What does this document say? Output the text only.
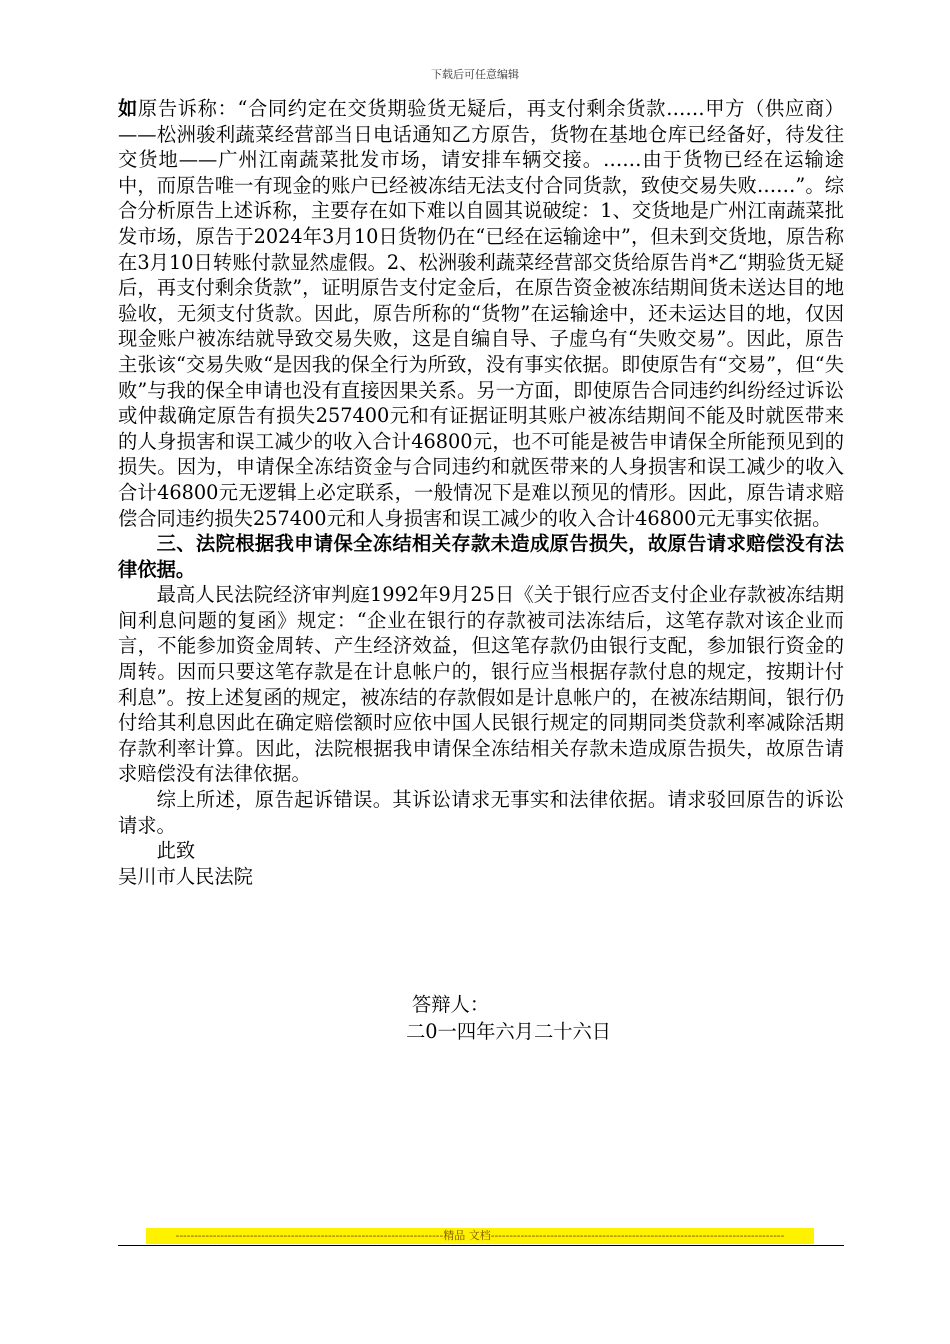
下载后可任意编辑

如原告诉称：“合同约定在交货期验货无疑后，再支付剩余货款……甲方（供应商）——松洲骏利蔬菜经营部当日电话通知乙方原告，货物在基地仓库已经备好，待发往交货地——广州江南蔬菜批发市场，请安排车辆交接。……由于货物已经在运输途中，而原告唯一有现金的账户已经被冻结无法支付合同货款，致使交易失败……”。综合分析原告上述诉称，主要存在如下难以自圆其说破绽：1、交货地是广州江南蔬菜批发市场，原告于2024年3月10日货物仍在“已经在运输途中”，但未到交货地，原告称在3月10日转账付款显然虚假。2、松洲骏利蔬菜经营部交货给原告肖*乙“期验货无疑后，再支付剩余货款”，证明原告支付定金后，在原告资金被冻结期间货未送达目的地验收，无须支付货款。因此，原告所称的“货物”在运输途中，还未运达目的地，仅因现金账户被冻结就导致交易失败，这是自编自导、子虚乌有“失败交易”。因此，原告主张该“交易失败“是因我的保全行为所致，没有事实依据。即使原告有“交易”，但“失败”与我的保全申请也没有直接因果关系。另一方面，即使原告合同违约纠纷经过诉讼或仲裁确定原告有损失257400元和有证据证明其账户被冻结期间不能及时就医带来的人身损害和误工减少的收入合计46800元，也不可能是被告申请保全所能预见到的损失。因为，申请保全冻结资金与合同违约和就医带来的人身损害和误工减少的收入合计46800元无逻辑上必定联系，一般情况下是难以预见的情形。因此，原告请求赔偿合同违约损失257400元和人身损害和误工减少的收入合计46800元无事实依据。

三、法院根据我申请保全冻结相关存款未造成原告损失，故原告请求赔偿没有法律依据。

最高人民法院经济审判庭1992年9月25日《关于银行应否支付企业存款被冻结期间利息问题的复函》规定：“企业在银行的存款被司法冻结后，这笔存款对该企业而言，不能参加资金周转、产生经济效益，但这笔存款仍由银行支配，参加银行资金的周转。因而只要这笔存款是在计息帐户的，银行应当根据存款付息的规定，按期计付利息”。按上述复函的规定，被冻结的存款假如是计息帐户的，在被冻结期间，银行仍付给其利息因此在确定赔偿额时应依中国人民银行规定的同期同类贷款利率减除活期存款利率计算。因此，法院根据我申请保全冻结相关存款未造成原告损失，故原告请求赔偿没有法律依据。

综上所述，原告起诉错误。其诉讼请求无事实和法律依据。请求驳回原告的诉讼请求。

此致

吴川市人民法院

答辩人：
二0一四年六月二十六日
------------------------------------------------------------------------精品 文档-------------------------------------------------------------------------------
